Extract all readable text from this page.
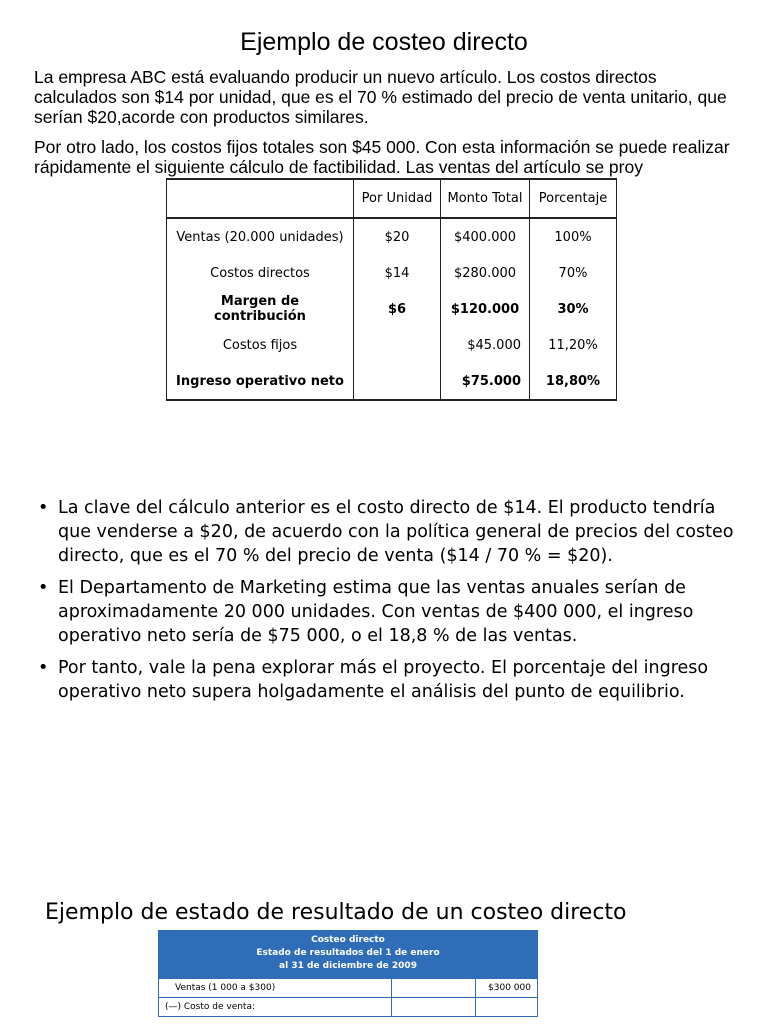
Ejemplo de costeo directo
La empresa ABC está evaluando producir un nuevo artículo. Los costos directos calculados son $14 por unidad, que es el 70 % estimado del precio de venta unitario, que serían $20,acorde con productos similares.
Por otro lado, los costos fijos totales son $45 000. Con esta información se puede realizar rápidamente el siguiente cálculo de factibilidad. Las ventas del artículo se proy
	Por Unidad	Monto Total	Porcentaje
Ventas (20.000 unidades)	$20	$400.000	100%
Costos directos	$14	$280.000	70%
Margen de contribución	$6	$120.000	30%
Costos fijos		$45.000	11,20%
Ingreso operativo neto		$75.000	18,80%
• La clave del cálculo anterior es el costo directo de $14. El producto tendría que venderse a $20, de acuerdo con la política general de precios del costeo directo, que es el 70 % del precio de venta ($14 / 70 % = $20).
• El Departamento de Marketing estima que las ventas anuales serían de aproximadamente 20 000 unidades. Con ventas de $400 000, el ingreso operativo neto sería de $75 000, o el 18,8 % de las ventas.
• Por tanto, vale la pena explorar más el proyecto. El porcentaje del ingreso operativo neto supera holgadamente el análisis del punto de equilibrio.
Ejemplo de estado de resultado de un costeo directo
Costeo directo
Estado de resultados del 1 de enero
al 31 de diciembre de 2009
Ventas (1 000 a $300)		$300 000
(—) Costo de venta:		
